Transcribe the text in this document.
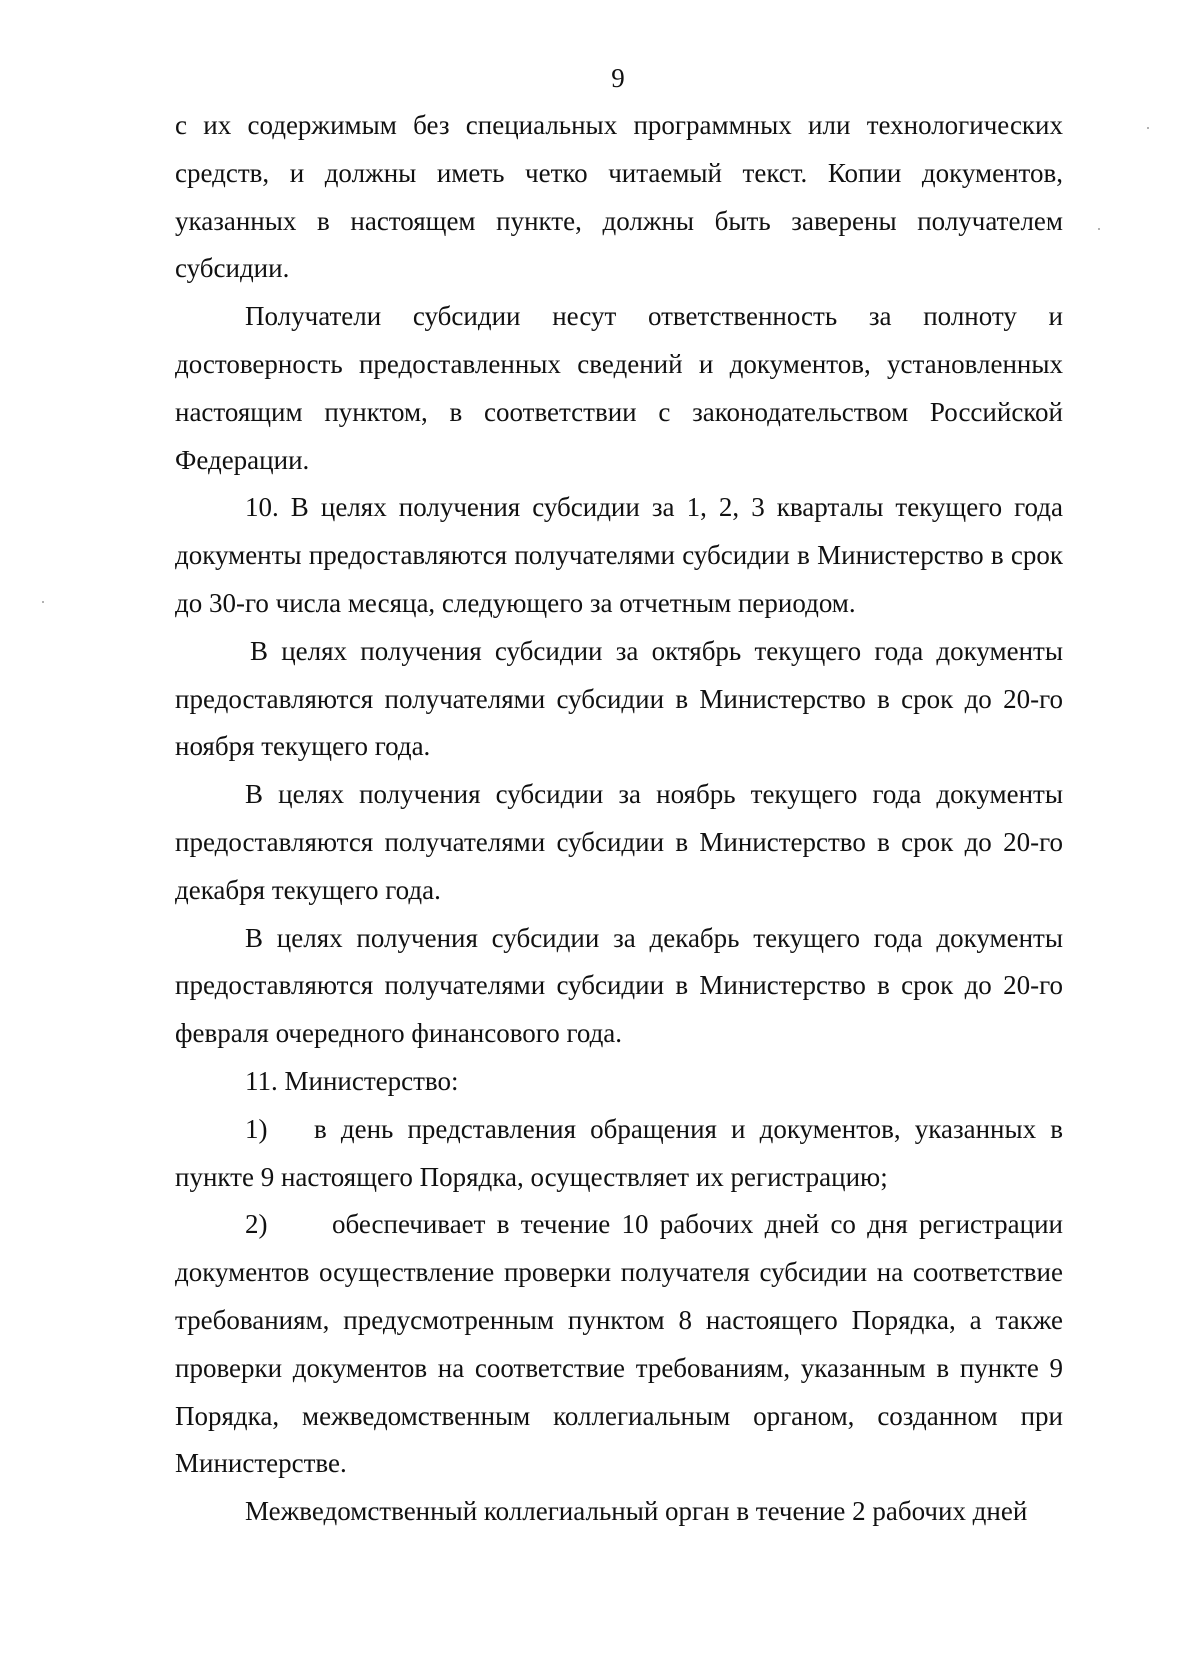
9

с их содержимым без специальных программных или технологических средств, и должны иметь четко читаемый текст. Копии документов, указанных в настоящем пункте, должны быть заверены получателем субсидии.

Получатели субсидии несут ответственность за полноту и достоверность предоставленных сведений и документов, установленных настоящим пунктом, в соответствии с законодательством Российской Федерации.

10. В целях получения субсидии за 1, 2, 3 кварталы текущего года документы предоставляются получателями субсидии в Министерство в срок до 30-го числа месяца, следующего за отчетным периодом.

В целях получения субсидии за октябрь текущего года документы предоставляются получателями субсидии в Министерство в срок до 20-го ноября текущего года.

В целях получения субсидии за ноябрь текущего года документы предоставляются получателями субсидии в Министерство в срок до 20-го декабря текущего года.

В целях получения субсидии за декабрь текущего года документы предоставляются получателями субсидии в Министерство в срок до 20-го февраля очередного финансового года.

11. Министерство:

1) в день представления обращения и документов, указанных в пункте 9 настоящего Порядка, осуществляет их регистрацию;

2) обеспечивает в течение 10 рабочих дней со дня регистрации документов осуществление проверки получателя субсидии на соответствие требованиям, предусмотренным пунктом 8 настоящего Порядка, а также проверки документов на соответствие требованиям, указанным в пункте 9 Порядка, межведомственным коллегиальным органом, созданном при Министерстве.

Межведомственный коллегиальный орган в течение 2 рабочих дней
